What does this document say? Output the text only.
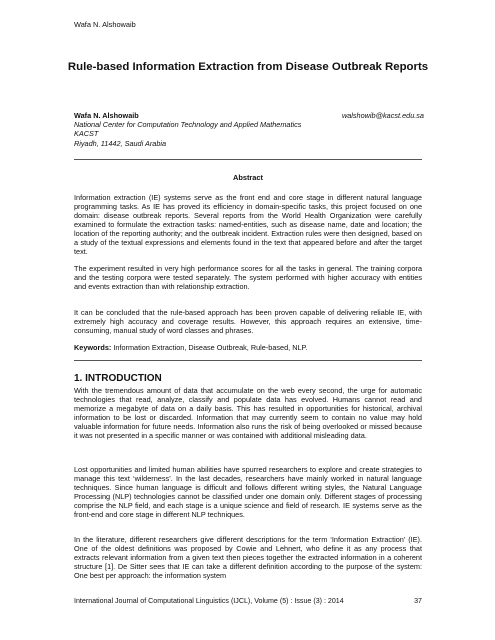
Wafa N. Alshowaib
Rule-based Information Extraction from Disease Outbreak Reports
Wafa N. Alshowaib	walshowib@kacst.edu.sa
National Center for Computation Technology and Applied Mathematics
KACST
Riyadh, 11442, Saudi Arabia
Abstract

Information extraction (IE) systems serve as the front end and core stage in different natural language programming tasks. As IE has proved its efficiency in domain-specific tasks, this project focused on one domain: disease outbreak reports. Several reports from the World Health Organization were carefully examined to formulate the extraction tasks: named-entities, such as disease name, date and location; the location of the reporting authority; and the outbreak incident. Extraction rules were then designed, based on a study of the textual expressions and elements found in the text that appeared before and after the target text.

The experiment resulted in very high performance scores for all the tasks in general. The training corpora and the testing corpora were tested separately. The system performed with higher accuracy with entities and events extraction than with relationship extraction.

It can be concluded that the rule-based approach has been proven capable of delivering reliable IE, with extremely high accuracy and coverage results. However, this approach requires an extensive, time-consuming, manual study of word classes and phrases.

Keywords: Information Extraction, Disease Outbreak, Rule-based, NLP.
1. INTRODUCTION

With the tremendous amount of data that accumulate on the web every second, the urge for automatic technologies that read, analyze, classify and populate data has evolved. Humans cannot read and memorize a megabyte of data on a daily basis. This has resulted in opportunities for historical, archival information to be lost or discarded. Information that may currently seem to contain no value may hold valuable information for future needs. Information also runs the risk of being overlooked or missed because it was not presented in a specific manner or was contained with additional misleading data.

Lost opportunities and limited human abilities have spurred researchers to explore and create strategies to manage this text ‘wilderness’. In the last decades, researchers have mainly worked in natural language techniques. Since human language is difficult and follows different writing styles, the Natural Language Processing (NLP) technologies cannot be classified under one domain only. Different stages of processing comprise the NLP field, and each stage is a unique science and field of research. IE systems serve as the front-end and core stage in different NLP techniques.

In the literature, different researchers give different descriptions for the term ‘Information Extraction’ (IE). One of the oldest definitions was proposed by Cowie and Lehnert, who define it as any process that extracts relevant information from a given text then pieces together the extracted information in a coherent structure [1]. De Sitter sees that IE can take a different definition according to the purpose of the system: One best per approach: the information system

International Journal of Computational Linguistics (IJCL), Volume (5) : Issue (3) : 2014	37
